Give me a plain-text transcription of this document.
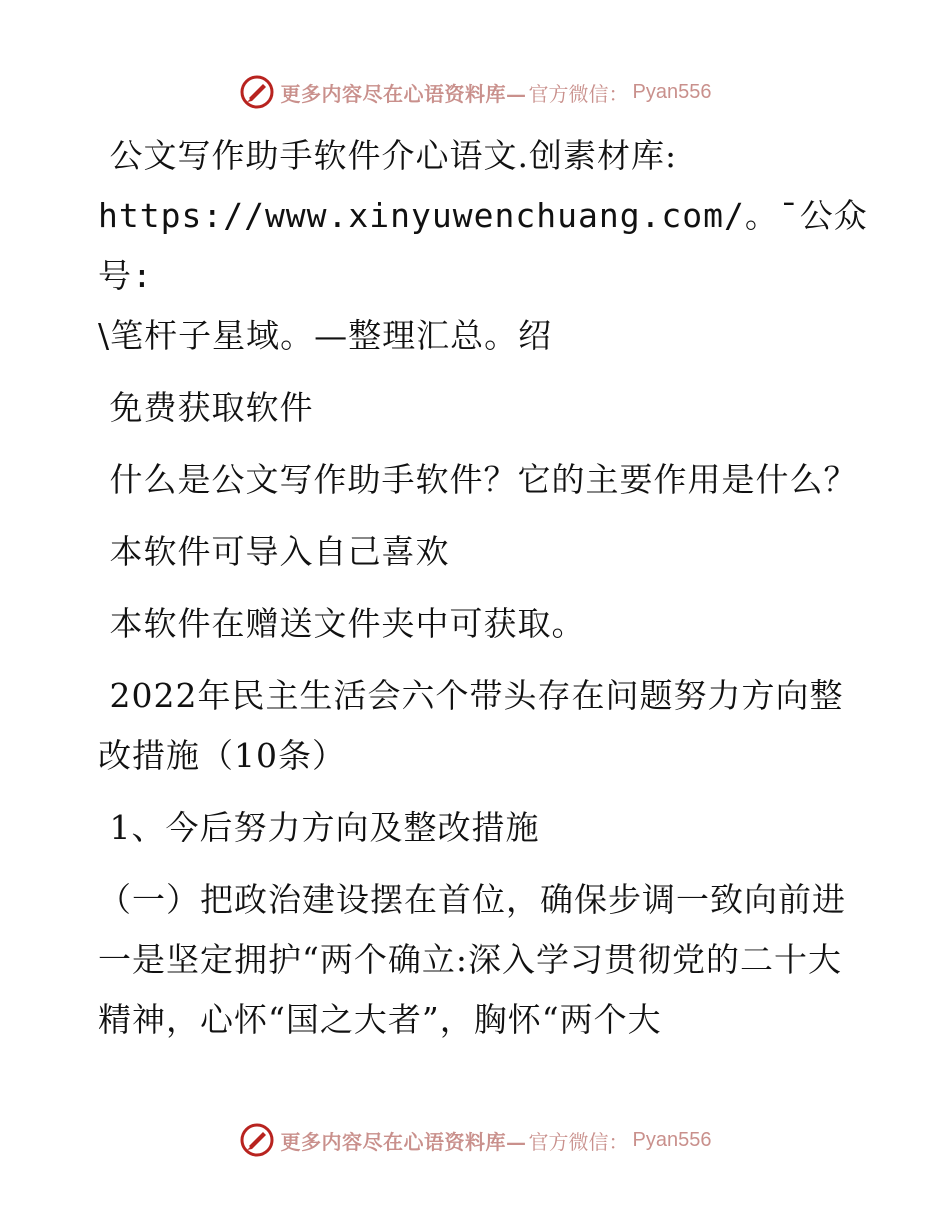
更多内容尽在心语资料库— 官方微信： Pyan556

公文写作助手软件介心语文.创素材库:

https://www.xinyuwenchuang.com/。¯公众号:

\笔杆子星域。—整理汇总。绍

免费获取软件

什么是公文写作助手软件？它的主要作用是什么？

本软件可导入自己喜欢

本软件在赠送文件夹中可获取。

2022年民主生活会六个带头存在问题努力方向整改措施（10条）

1、今后努力方向及整改措施

（一）把政治建设摆在首位，确保步调一致向前进一是坚定拥护“两个确立:深入学习贯彻党的二十大精神，心怀“国之大者”，胸怀“两个大

更多内容尽在心语资料库— 官方微信： Pyan556
